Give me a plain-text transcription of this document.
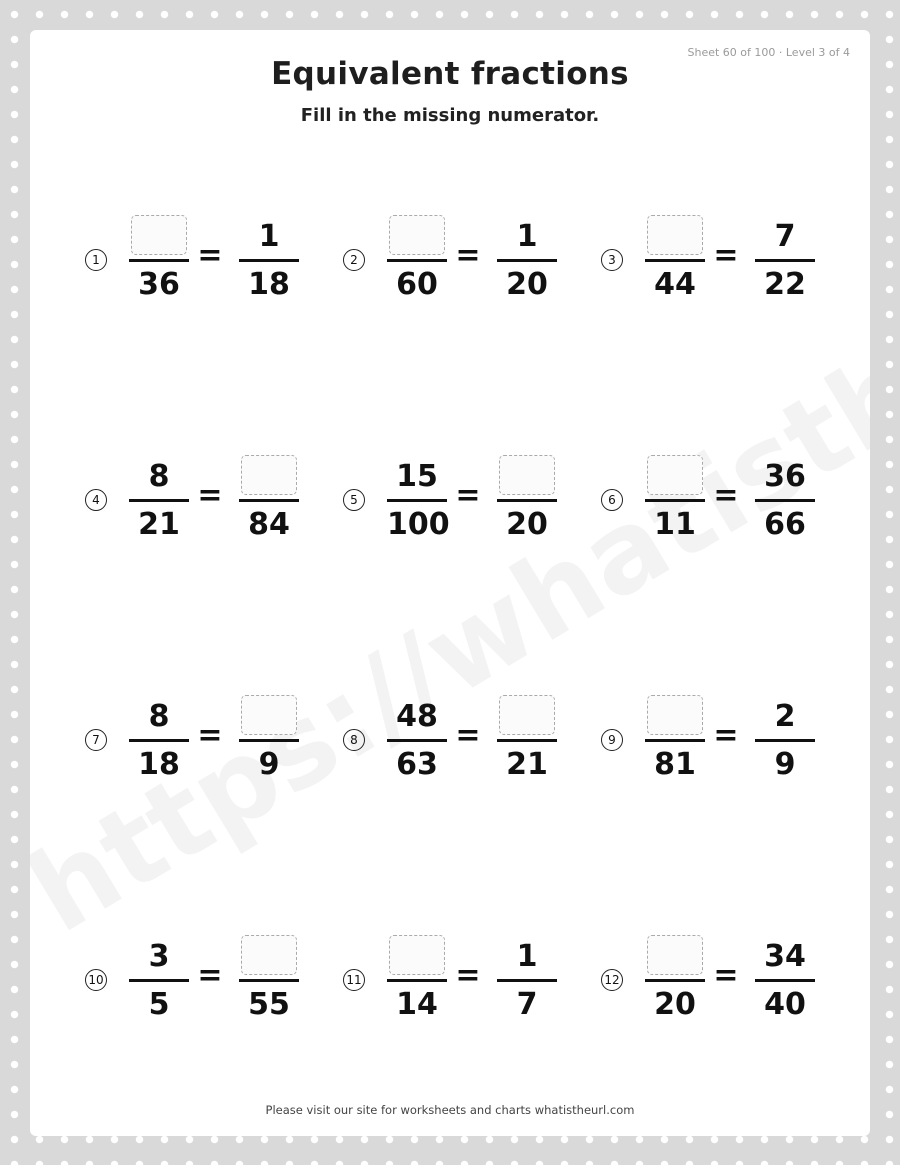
Sheet 60 of 100 · Level 3 of 4
Equivalent fractions
Fill in the missing numerator.
1
36
=
1
18
2
60
=
1
20
3
44
=
7
22
4
8
21
=
84
5
15
100
=
20
6
11
=
36
66
7
8
18
=
9
8
48
63
=
21
9
81
=
2
9
10
3
5
=
55
11
14
=
1
7
12
20
=
34
40
Please visit our site for worksheets and charts whatistheurl.com
